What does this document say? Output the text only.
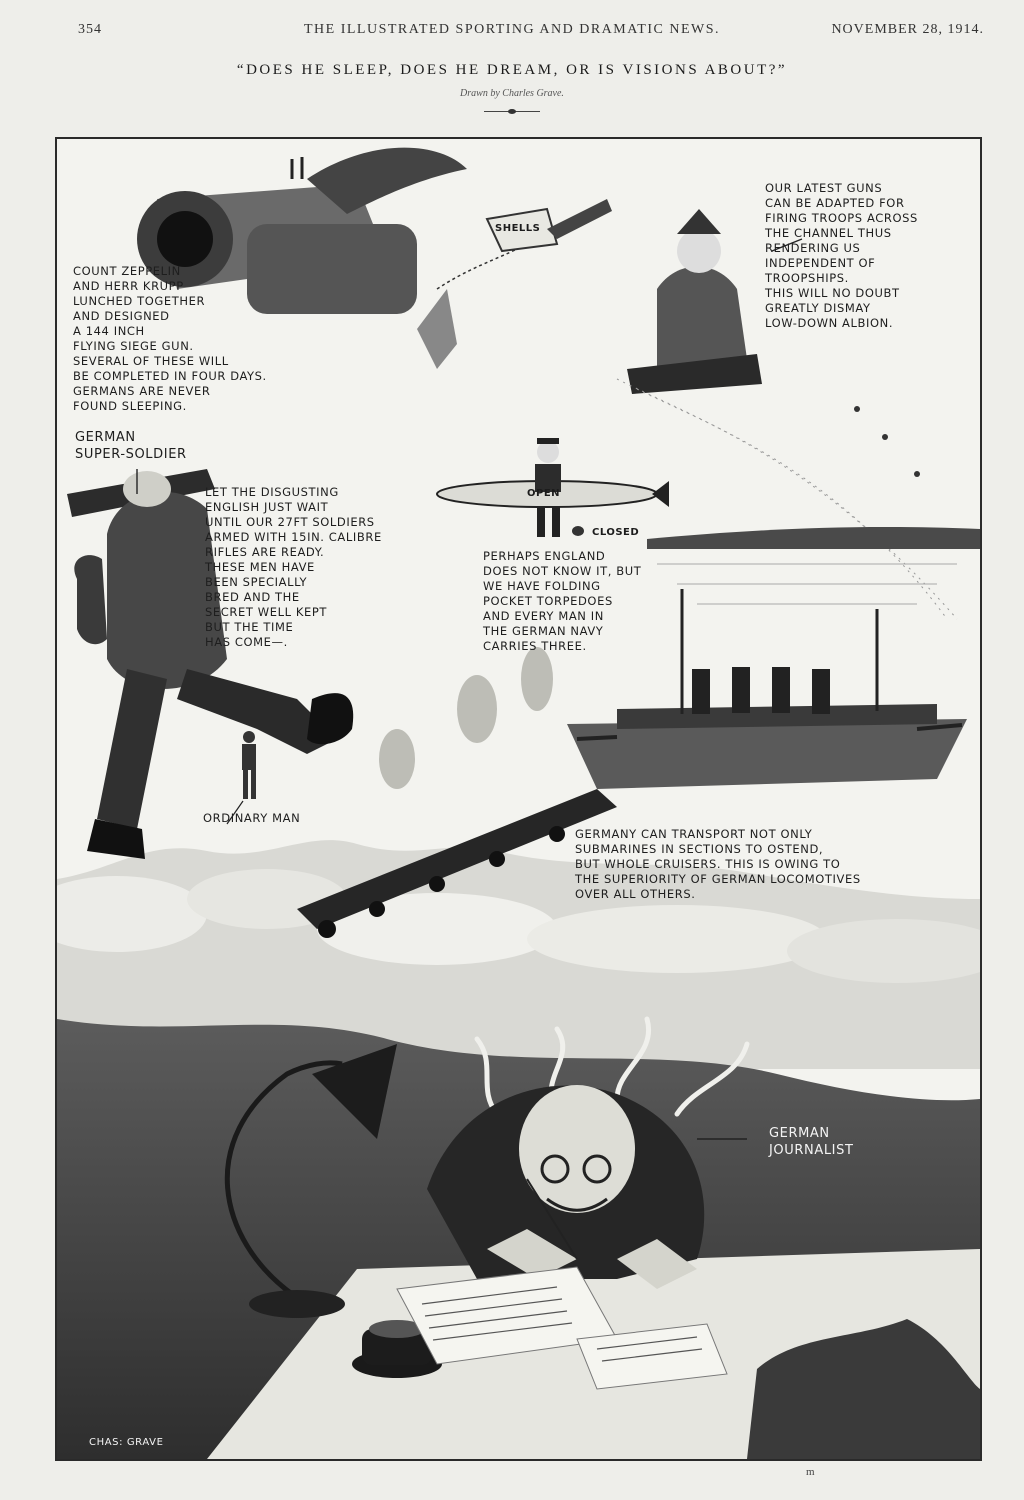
354	THE ILLUSTRATED SPORTING AND DRAMATIC NEWS.	NOVEMBER 28, 1914.
“DOES HE SLEEP, DOES HE DREAM, OR IS VISIONS ABOUT?”
Drawn by Charles Grave.
SHELLS
OPEN
CLOSED
COUNT ZEPPELIN
AND HERR KRUPP
LUNCHED TOGETHER
AND DESIGNED
A 144 INCH
FLYING SIEGE GUN.
SEVERAL OF THESE WILL
BE COMPLETED IN FOUR DAYS.
GERMANS ARE NEVER
FOUND SLEEPING.
OUR LATEST GUNS
CAN BE ADAPTED FOR
FIRING TROOPS ACROSS
THE CHANNEL THUS
RENDERING US
INDEPENDENT OF
TROOPSHIPS.
THIS WILL NO DOUBT
GREATLY DISMAY
LOW-DOWN ALBION.
GERMAN
SUPER-SOLDIER
LET THE DISGUSTING
ENGLISH JUST WAIT
UNTIL OUR 27FT SOLDIERS
ARMED WITH 15IN. CALIBRE
RIFLES ARE READY.
THESE MEN HAVE
BEEN SPECIALLY
BRED AND THE
SECRET WELL KEPT
BUT THE TIME
HAS COME—.
PERHAPS ENGLAND
DOES NOT KNOW IT, BUT
WE HAVE FOLDING
POCKET TORPEDOES
AND EVERY MAN IN
THE GERMAN NAVY
CARRIES THREE.
ORDINARY MAN
GERMANY CAN TRANSPORT NOT ONLY
SUBMARINES IN SECTIONS TO OSTEND,
BUT WHOLE CRUISERS. THIS IS OWING TO
THE SUPERIORITY OF GERMAN LOCOMOTIVES
OVER ALL OTHERS.
GERMAN
JOURNALIST
CHAS: GRAVE
m
